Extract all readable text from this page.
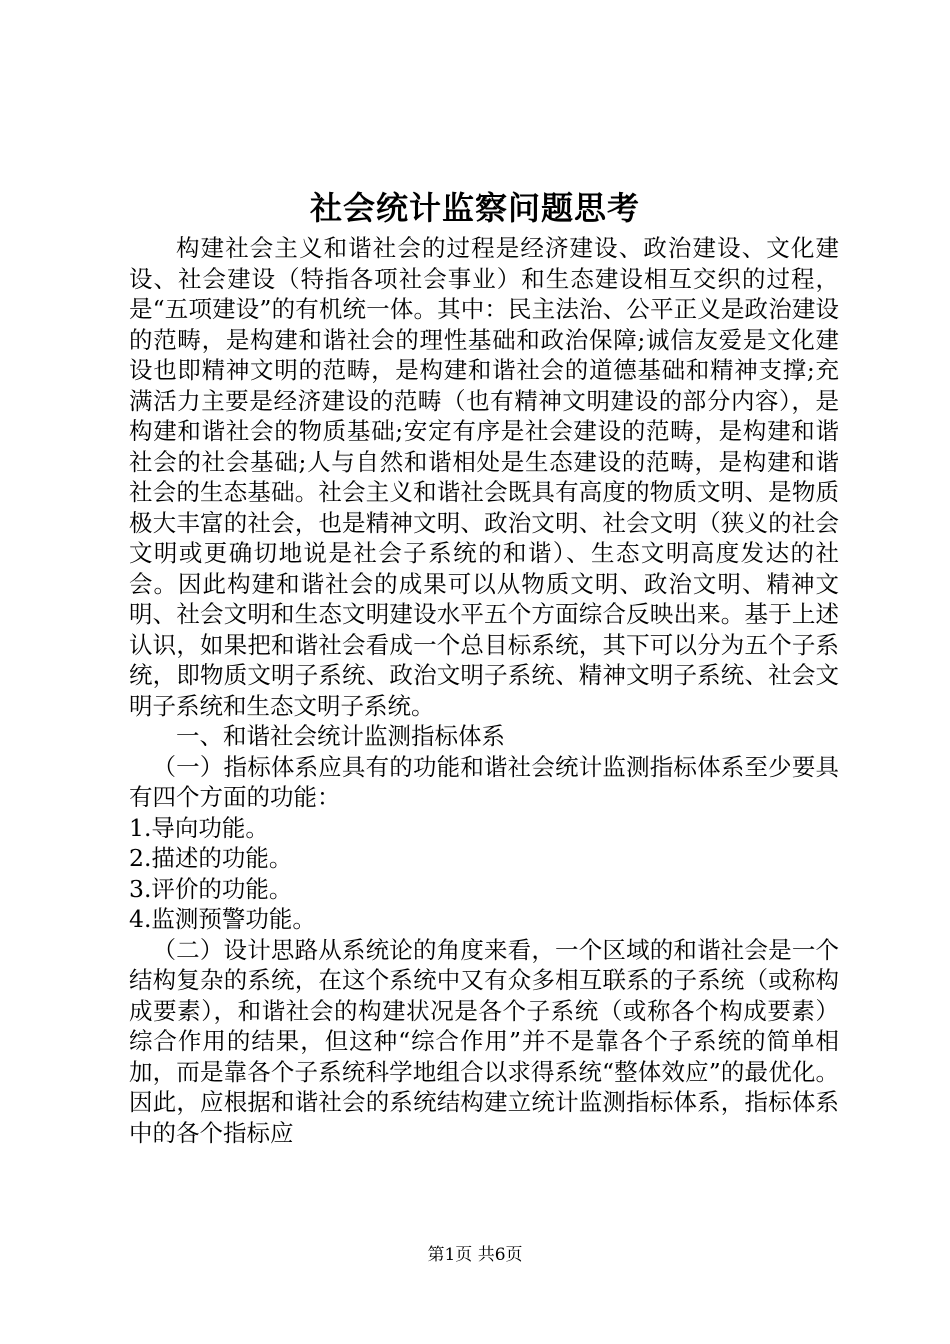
社会统计监察问题思考

构建社会主义和谐社会的过程是经济建设、政治建设、文化建设、社会建设（特指各项社会事业）和生态建设相互交织的过程，是“五项建设”的有机统一体。其中：民主法治、公平正义是政治建设的范畴，是构建和谐社会的理性基础和政治保障;诚信友爱是文化建设也即精神文明的范畴，是构建和谐社会的道德基础和精神支撑;充满活力主要是经济建设的范畴（也有精神文明建设的部分内容），是构建和谐社会的物质基础;安定有序是社会建设的范畴，是构建和谐社会的社会基础;人与自然和谐相处是生态建设的范畴，是构建和谐社会的生态基础。社会主义和谐社会既具有高度的物质文明、是物质极大丰富的社会，也是精神文明、政治文明、社会文明（狭义的社会文明或更确切地说是社会子系统的和谐）、生态文明高度发达的社会。因此构建和谐社会的成果可以从物质文明、政治文明、精神文明、社会文明和生态文明建设水平五个方面综合反映出来。基于上述认识，如果把和谐社会看成一个总目标系统，其下可以分为五个子系统，即物质文明子系统、政治文明子系统、精神文明子系统、社会文明子系统和生态文明子系统。

一、和谐社会统计监测指标体系

（一）指标体系应具有的功能和谐社会统计监测指标体系至少要具有四个方面的功能：

1.导向功能。

2.描述的功能。

3.评价的功能。

4.监测预警功能。

（二）设计思路从系统论的角度来看，一个区域的和谐社会是一个结构复杂的系统，在这个系统中又有众多相互联系的子系统（或称构成要素），和谐社会的构建状况是各个子系统（或称各个构成要素）综合作用的结果，但这种“综合作用”并不是靠各个子系统的简单相加，而是靠各个子系统科学地组合以求得系统“整体效应”的最优化。因此，应根据和谐社会的系统结构建立统计监测指标体系，指标体系中的各个指标应

第1页 共6页
